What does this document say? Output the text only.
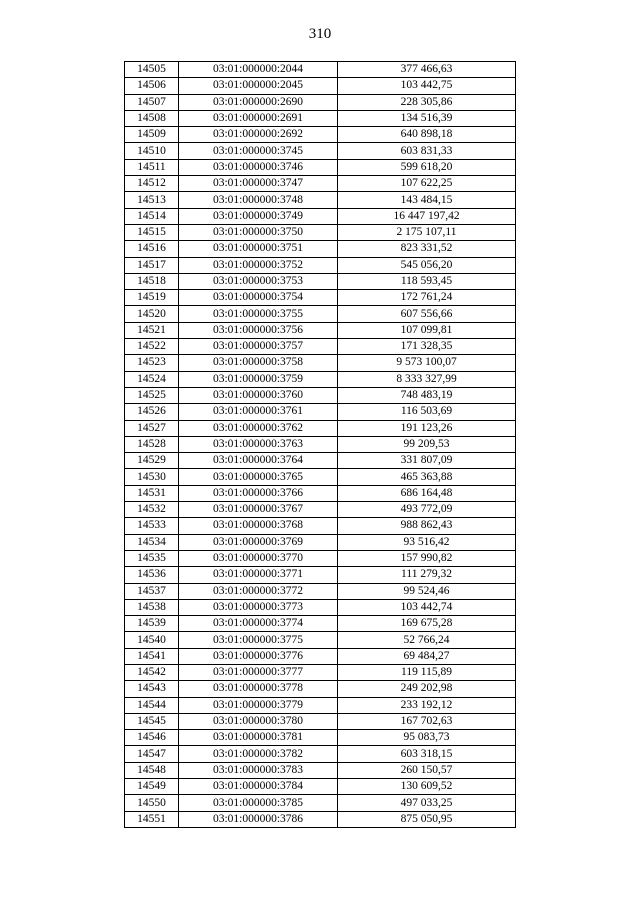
310
14505	03:01:000000:2044	377 466,63
14506	03:01:000000:2045	103 442,75
14507	03:01:000000:2690	228 305,86
14508	03:01:000000:2691	134 516,39
14509	03:01:000000:2692	640 898,18
14510	03:01:000000:3745	603 831,33
14511	03:01:000000:3746	599 618,20
14512	03:01:000000:3747	107 622,25
14513	03:01:000000:3748	143 484,15
14514	03:01:000000:3749	16 447 197,42
14515	03:01:000000:3750	2 175 107,11
14516	03:01:000000:3751	823 331,52
14517	03:01:000000:3752	545 056,20
14518	03:01:000000:3753	118 593,45
14519	03:01:000000:3754	172 761,24
14520	03:01:000000:3755	607 556,66
14521	03:01:000000:3756	107 099,81
14522	03:01:000000:3757	171 328,35
14523	03:01:000000:3758	9 573 100,07
14524	03:01:000000:3759	8 333 327,99
14525	03:01:000000:3760	748 483,19
14526	03:01:000000:3761	116 503,69
14527	03:01:000000:3762	191 123,26
14528	03:01:000000:3763	99 209,53
14529	03:01:000000:3764	331 807,09
14530	03:01:000000:3765	465 363,88
14531	03:01:000000:3766	686 164,48
14532	03:01:000000:3767	493 772,09
14533	03:01:000000:3768	988 862,43
14534	03:01:000000:3769	93 516,42
14535	03:01:000000:3770	157 990,82
14536	03:01:000000:3771	111 279,32
14537	03:01:000000:3772	99 524,46
14538	03:01:000000:3773	103 442,74
14539	03:01:000000:3774	169 675,28
14540	03:01:000000:3775	52 766,24
14541	03:01:000000:3776	69 484,27
14542	03:01:000000:3777	119 115,89
14543	03:01:000000:3778	249 202,98
14544	03:01:000000:3779	233 192,12
14545	03:01:000000:3780	167 702,63
14546	03:01:000000:3781	95 083,73
14547	03:01:000000:3782	603 318,15
14548	03:01:000000:3783	260 150,57
14549	03:01:000000:3784	130 609,52
14550	03:01:000000:3785	497 033,25
14551	03:01:000000:3786	875 050,95
